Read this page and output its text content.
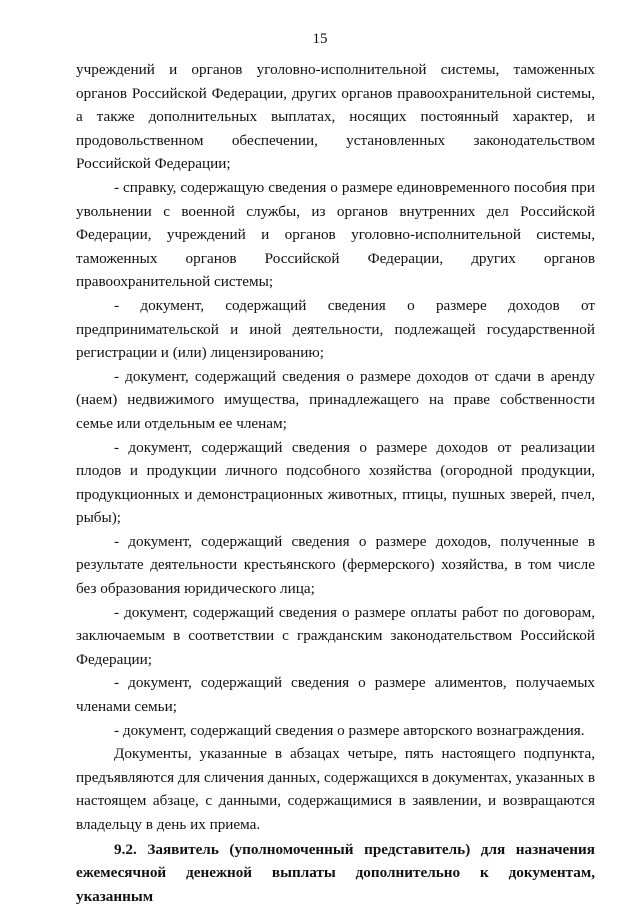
15

учреждений и органов уголовно-исполнительной системы, таможенных органов Российской Федерации, других органов правоохранительной системы, а также дополнительных выплатах, носящих постоянный характер, и продовольственном обеспечении, установленных законодательством Российской Федерации;

- справку, содержащую сведения о размере единовременного пособия при увольнении с военной службы, из органов внутренних дел Российской Федерации, учреждений и органов уголовно-исполнительной системы, таможенных органов Российской Федерации, других органов правоохранительной системы;

- документ, содержащий сведения о размере доходов от предпринимательской и иной деятельности, подлежащей государственной регистрации и (или) лицензированию;

- документ, содержащий сведения о размере доходов от сдачи в аренду (наем) недвижимого имущества, принадлежащего на праве собственности семье или отдельным ее членам;

- документ, содержащий сведения о размере доходов от реализации плодов и продукции личного подсобного хозяйства (огородной продукции, продукционных и демонстрационных животных, птицы, пушных зверей, пчел, рыбы);

- документ, содержащий сведения о размере доходов, полученные в результате деятельности крестьянского (фермерского) хозяйства, в том числе без образования юридического лица;

- документ, содержащий сведения о размере оплаты работ по договорам, заключаемым в соответствии с гражданским законодательством Российской Федерации;

- документ, содержащий сведения о размере алиментов, получаемых членами семьи;

- документ, содержащий сведения о размере авторского вознаграждения.

Документы, указанные в абзацах четыре, пять настоящего подпункта, предъявляются для сличения данных, содержащихся в документах, указанных в настоящем абзаце, с данными, содержащимися в заявлении, и возвращаются владельцу в день их приема.

9.2. Заявитель (уполномоченный представитель) для назначения ежемесячной денежной выплаты дополнительно к документам, указанным
